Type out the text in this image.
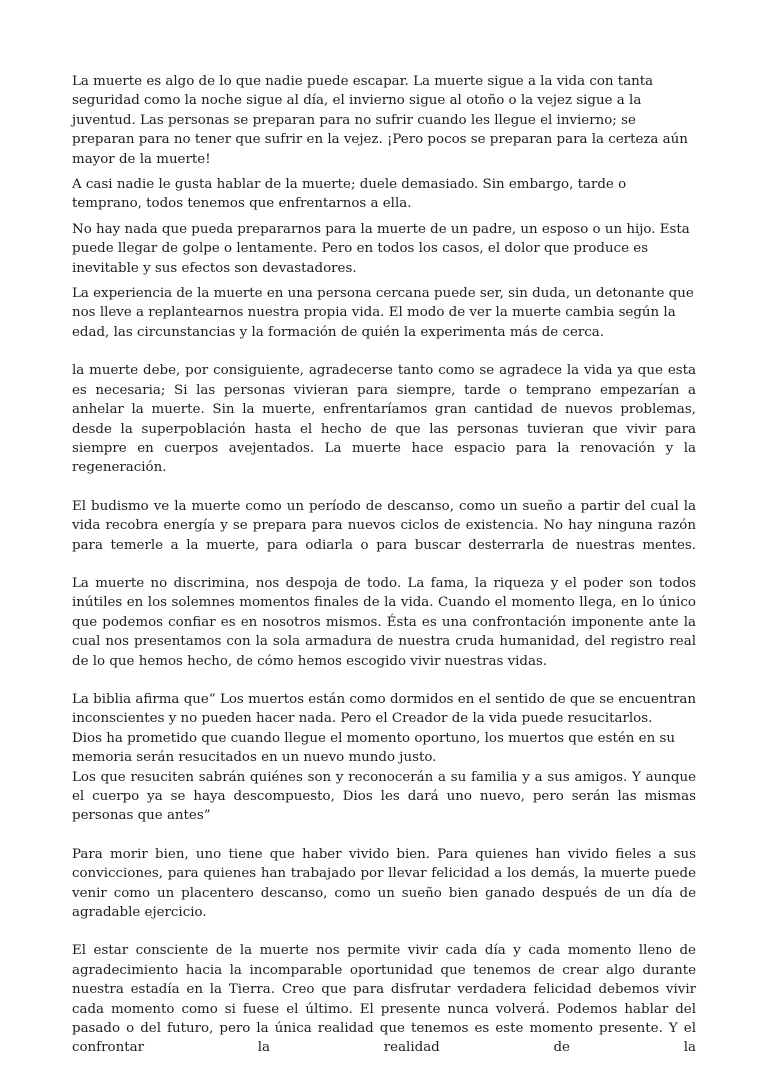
La muerte es algo de lo que nadie puede escapar. La muerte sigue a la vida con tanta seguridad como la noche sigue al día, el invierno sigue al otoño o la vejez sigue a la juventud. Las personas se preparan para no sufrir cuando les llegue el invierno; se preparan para no tener que sufrir en la vejez. ¡Pero pocos se preparan para la certeza aún mayor de la muerte!

A casi nadie le gusta hablar de la muerte; duele demasiado. Sin embargo, tarde o temprano, todos tenemos que enfrentarnos a ella.

No hay nada que pueda prepararnos para la muerte de un padre, un esposo o un hijo. Esta puede llegar de golpe o lentamente. Pero en todos los casos, el dolor que produce es inevitable y sus efectos son devastadores.

La experiencia de la muerte en una persona cercana puede ser, sin duda, un detonante que nos lleve a replantearnos nuestra propia vida. El modo de ver la muerte cambia según la edad, las circunstancias y la formación de quién la experimenta más de cerca.

la muerte debe, por consiguiente, agradecerse tanto como se agradece la vida ya que esta es necesaria; Si las personas vivieran para siempre, tarde o temprano empezarían a anhelar la muerte. Sin la muerte, enfrentaríamos gran cantidad de nuevos problemas, desde la superpoblación hasta el hecho de que las personas tuvieran que vivir para siempre en cuerpos avejentados. La muerte hace espacio para la renovación y la regeneración.

El budismo ve la muerte como un período de descanso, como un sueño a partir del cual la vida recobra energía y se prepara para nuevos ciclos de existencia. No hay ninguna razón para temerle a la muerte, para odiarla o para buscar desterrarla de nuestras mentes.

La muerte no discrimina, nos despoja de todo. La fama, la riqueza y el poder son todos inútiles en los solemnes momentos finales de la vida. Cuando el momento llega, en lo único que podemos confiar es en nosotros mismos. Ésta es una confrontación imponente ante la cual nos presentamos con la sola armadura de nuestra cruda humanidad, del registro real de lo que hemos hecho, de cómo hemos escogido vivir nuestras vidas.

La biblia afirma que” Los muertos están como dormidos en el sentido de que se encuentran inconscientes y no pueden hacer nada. Pero el Creador de la vida puede resucitarlos.
Dios ha prometido que cuando llegue el momento oportuno, los muertos que estén en su memoria serán resucitados en un nuevo mundo justo.
Los que resuciten sabrán quiénes son y reconocerán a su familia y a sus amigos. Y aunque el cuerpo ya se haya descompuesto, Dios les dará uno nuevo, pero serán las mismas personas que antes”

Para morir bien, uno tiene que haber vivido bien. Para quienes han vivido fieles a sus convicciones, para quienes han trabajado por llevar felicidad a los demás, la muerte puede venir como un placentero descanso, como un sueño bien ganado después de un día de agradable ejercicio.

El estar consciente de la muerte nos permite vivir cada día y cada momento lleno de agradecimiento hacia la incomparable oportunidad que tenemos de crear algo durante nuestra estadía en la Tierra. Creo que para disfrutar verdadera felicidad debemos vivir cada momento como si fuese el último. El presente nunca volverá. Podemos hablar del pasado o del futuro, pero la única realidad que tenemos es este momento presente. Y el confrontar la realidad de la
